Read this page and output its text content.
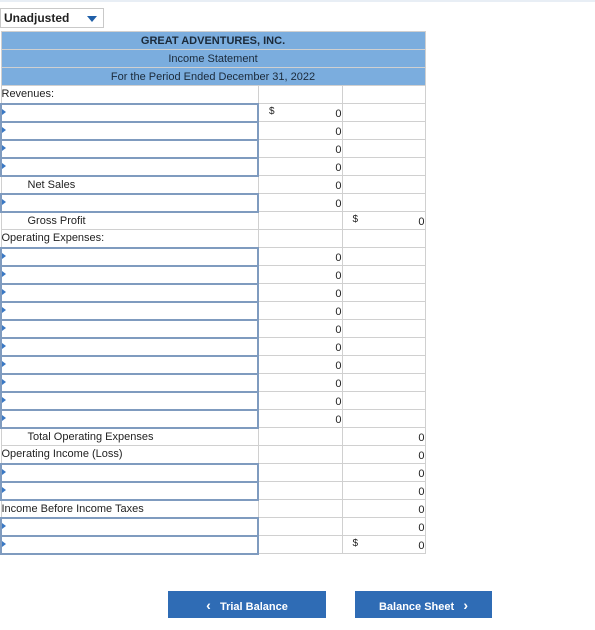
Unadjusted
GREAT ADVENTURES, INC.		
Income Statement		
For the Period Ended December 31, 2022		
Revenues:		

	$ 0	

	0	

	0	

	0	
Net Sales	0	

	0	
Gross Profit		$ 0
Operating Expenses:		

	0	

	0	

	0	

	0	

	0	

	0	

	0	

	0	

	0	

	0	
Total Operating Expenses		0
Operating Income (Loss)		0

		0

		0
Income Before Income Taxes		0

		0

		$ 0
‹ Trial Balance	Balance Sheet ›
